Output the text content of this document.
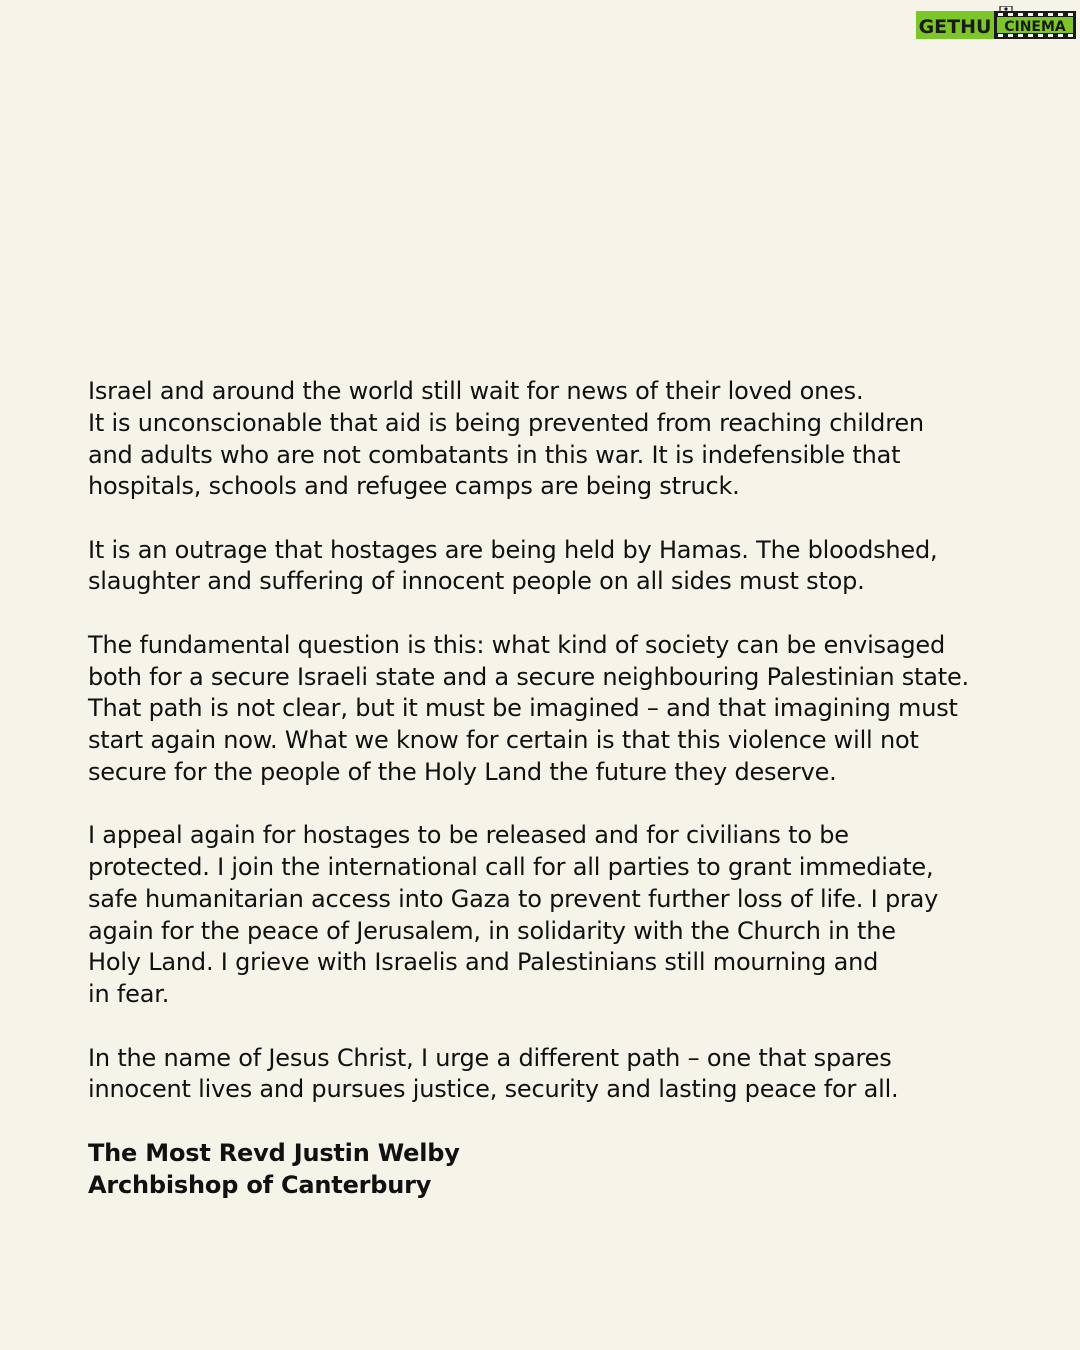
GETHU CINEMA
Israel and around the world still wait for news of their loved ones.
It is unconscionable that aid is being prevented from reaching children
and adults who are not combatants in this war. It is indefensible that
hospitals, schools and refugee camps are being struck.
It is an outrage that hostages are being held by Hamas. The bloodshed,
slaughter and suffering of innocent people on all sides must stop.
The fundamental question is this: what kind of society can be envisaged
both for a secure Israeli state and a secure neighbouring Palestinian state.
That path is not clear, but it must be imagined – and that imagining must
start again now. What we know for certain is that this violence will not
secure for the people of the Holy Land the future they deserve.
I appeal again for hostages to be released and for civilians to be
protected. I join the international call for all parties to grant immediate,
safe humanitarian access into Gaza to prevent further loss of life. I pray
again for the peace of Jerusalem, in solidarity with the Church in the
Holy Land. I grieve with Israelis and Palestinians still mourning and
in fear.
In the name of Jesus Christ, I urge a different path – one that spares
innocent lives and pursues justice, security and lasting peace for all.
The Most Revd Justin Welby
Archbishop of Canterbury
